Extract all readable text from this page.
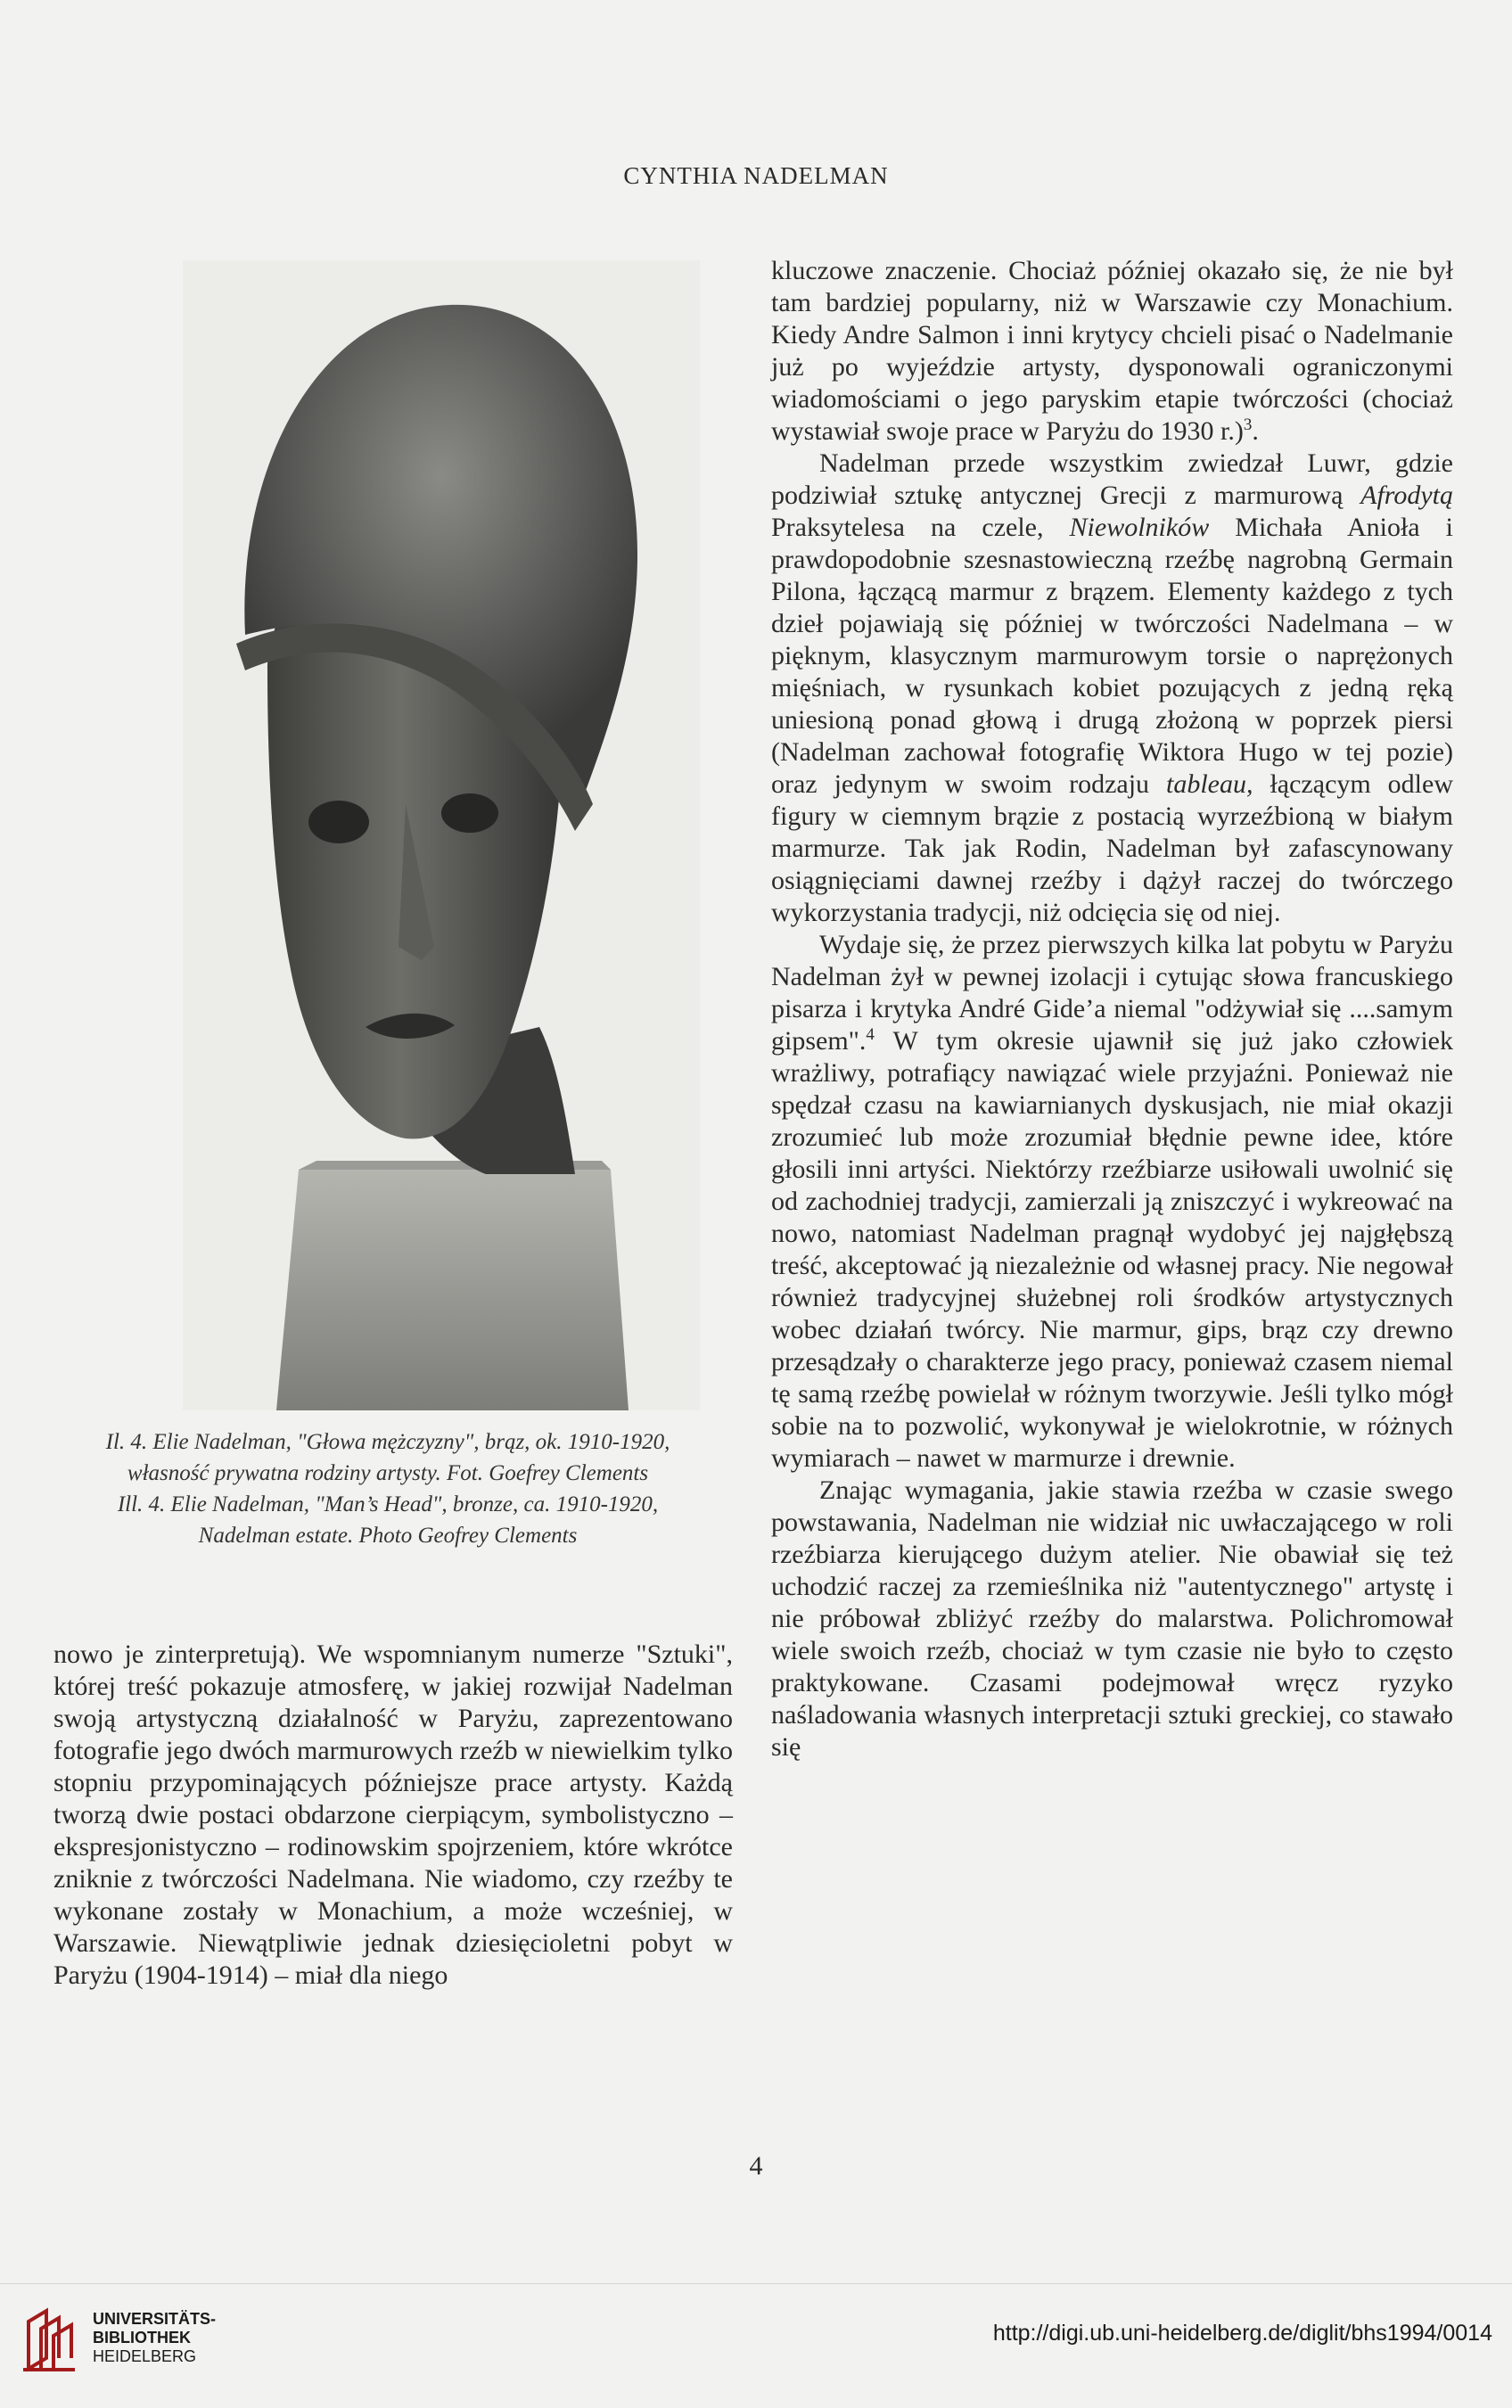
CYNTHIA NADELMAN
Il. 4. Elie Nadelman, "Głowa mężczyzny", brąz, ok. 1910-1920,
własność prywatna rodziny artysty. Fot. Goefrey Clements
Ill. 4. Elie Nadelman, "Man’s Head", bronze, ca. 1910-1920,
Nadelman estate. Photo Geofrey Clements

nowo je zinterpretują). We wspomnianym numerze "Sztuki", której treść pokazuje atmosferę, w jakiej rozwijał Nadelman swoją artystyczną działalność w Paryżu, zaprezentowano fotografie jego dwóch marmurowych rzeźb w niewielkim tylko stopniu przypominających późniejsze prace artysty. Każdą tworzą dwie postaci obdarzone cierpiącym, symbolistyczno – ekspresjonistyczno – rodinowskim spojrzeniem, które wkrótce zniknie z twórczości Nadelmana. Nie wiadomo, czy rzeźby te wykonane zostały w Monachium, a może wcześniej, w Warszawie. Niewątpliwie jednak dziesięcioletni pobyt w Paryżu (1904-1914) – miał dla niego

kluczowe znaczenie. Chociaż później okazało się, że nie był tam bardziej popularny, niż w Warszawie czy Monachium. Kiedy Andre Salmon i inni krytycy chcieli pisać o Nadelmanie już po wyjeździe artysty, dysponowali ograniczonymi wiadomościami o jego paryskim etapie twórczości (chociaż wystawiał swoje prace w Paryżu do 1930 r.)$^3$.

Nadelman przede wszystkim zwiedzał Luwr, gdzie podziwiał sztukę antycznej Grecji z marmurową Afrodytą Praksytelesa na czele, Niewolników Michała Anioła i prawdopodobnie szesnastowieczną rzeźbę nagrobną Germain Pilona, łączącą marmur z brązem. Elementy każdego z tych dzieł pojawiają się później w twórczości Nadelmana – w pięknym, klasycznym marmurowym torsie o naprężonych mięśniach, w rysunkach kobiet pozujących z jedną ręką uniesioną ponad głową i drugą złożoną w poprzek piersi (Nadelman zachował fotografię Wiktora Hugo w tej pozie) oraz jedynym w swoim rodzaju tableau, łączącym odlew figury w ciemnym brązie z postacią wyrzeźbioną w białym marmurze. Tak jak Rodin, Nadelman był zafascynowany osiągnięciami dawnej rzeźby i dążył raczej do twórczego wykorzystania tradycji, niż odcięcia się od niej.

Wydaje się, że przez pierwszych kilka lat pobytu w Paryżu Nadelman żył w pewnej izolacji i cytując słowa francuskiego pisarza i krytyka André Gide’a niemal "odżywiał się ....samym gipsem".$^4$ W tym okresie ujawnił się już jako człowiek wrażliwy, potrafiący nawiązać wiele przyjaźni. Ponieważ nie spędzał czasu na kawiarnianych dyskusjach, nie miał okazji zrozumieć lub może zrozumiał błędnie pewne idee, które głosili inni artyści. Niektórzy rzeźbiarze usiłowali uwolnić się od zachodniej tradycji, zamierzali ją zniszczyć i wykreować na nowo, natomiast Nadelman pragnął wydobyć jej najgłębszą treść, akceptować ją niezależnie od własnej pracy. Nie negował również tradycyjnej służebnej roli środków artystycznych wobec działań twórcy. Nie marmur, gips, brąz czy drewno przesądzały o charakterze jego pracy, ponieważ czasem niemal tę samą rzeźbę powielał w różnym tworzywie. Jeśli tylko mógł sobie na to pozwolić, wykonywał je wielokrotnie, w różnych wymiarach – nawet w marmurze i drewnie.

Znając wymagania, jakie stawia rzeźba w czasie swego powstawania, Nadelman nie widział nic uwłaczającego w roli rzeźbiarza kierującego dużym atelier. Nie obawiał się też uchodzić raczej za rzemieślnika niż "autentycznego" artystę i nie próbował zbliżyć rzeźby do malarstwa. Polichromował wiele swoich rzeźb, chociaż w tym czasie nie było to często praktykowane. Czasami podejmował wręcz ryzyko naśladowania własnych interpretacji sztuki greckiej, co stawało się

4
UNIVERSITÄTS-
BIBLIOTHEK
HEIDELBERG
http://digi.ub.uni-heidelberg.de/diglit/bhs1994/0014
